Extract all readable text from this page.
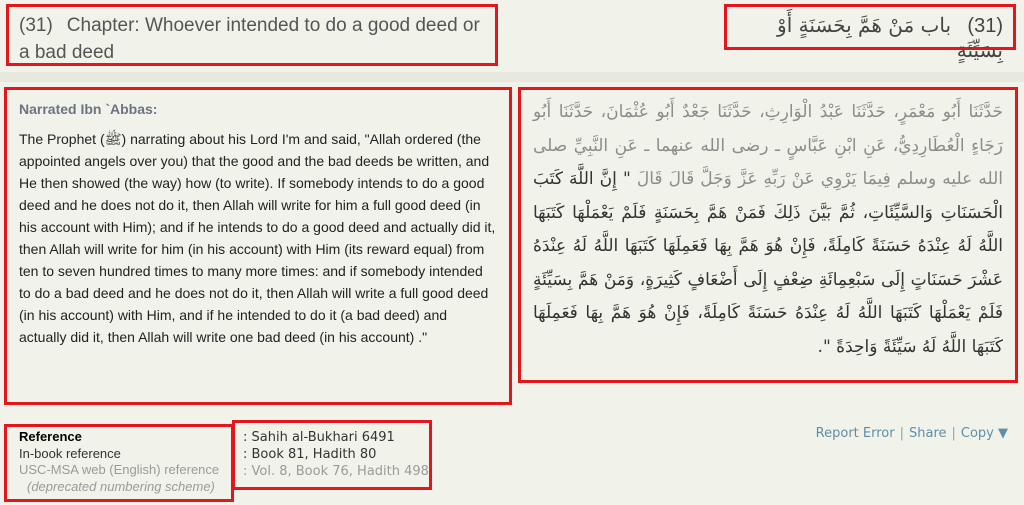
(31) Chapter: Whoever intended to do a good deed or a bad deed
(31) باب مَنْ هَمَّ بِحَسَنَةٍ أَوْ بِسَيِّئَةٍ
Narrated Ibn `Abbas:
The Prophet (ﷺ) narrating about his Lord I'm and said, "Allah ordered (the appointed angels over you) that the good and the bad deeds be written, and He then showed (the way) how (to write). If somebody intends to do a good deed and he does not do it, then Allah will write for him a full good deed (in his account with Him); and if he intends to do a good deed and actually did it, then Allah will write for him (in his account) with Him (its reward equal) from ten to seven hundred times to many more times: and if somebody intended to do a bad deed and he does not do it, then Allah will write a full good deed (in his account) with Him, and if he intended to do it (a bad deed) and actually did it, then Allah will write one bad deed (in his account) ."
حَدَّثَنَا أَبُو مَعْمَرٍ، حَدَّثَنَا عَبْدُ الْوَارِثِ، حَدَّثَنَا جَعْدٌ أَبُو عُثْمَانَ، حَدَّثَنَا أَبُو رَجَاءٍ الْعُطَارِدِيُّ، عَنِ ابْنِ عَبَّاسٍ ـ رضى الله عنهما ـ عَنِ النَّبِيِّ صلى الله عليه وسلم فِيمَا يَرْوِي عَنْ رَبِّهِ عَزَّ وَجَلَّ قَالَ قَالَ " إِنَّ اللَّهَ كَتَبَ الْحَسَنَاتِ وَالسَّيِّئَاتِ، ثُمَّ بَيَّنَ ذَلِكَ فَمَنْ هَمَّ بِحَسَنَةٍ فَلَمْ يَعْمَلْهَا كَتَبَهَا اللَّهُ لَهُ عِنْدَهُ حَسَنَةً كَامِلَةً، فَإِنْ هُوَ هَمَّ بِهَا فَعَمِلَهَا كَتَبَهَا اللَّهُ لَهُ عِنْدَهُ عَشْرَ حَسَنَاتٍ إِلَى سَبْعِمِائَةِ ضِعْفٍ إِلَى أَضْعَافٍ كَثِيرَةٍ، وَمَنْ هَمَّ بِسَيِّئَةٍ فَلَمْ يَعْمَلْهَا كَتَبَهَا اللَّهُ لَهُ عِنْدَهُ حَسَنَةً كَامِلَةً، فَإِنْ هُوَ هَمَّ بِهَا فَعَمِلَهَا كَتَبَهَا اللَّهُ لَهُ سَيِّئَةً وَاحِدَةً ".
Reference
In-book reference
USC-MSA web (English) reference
(deprecated numbering scheme)
: Sahih al-Bukhari 6491
: Book 81, Hadith 80
: Vol. 8, Book 76, Hadith 498
Report Error | Share | Copy ▼
